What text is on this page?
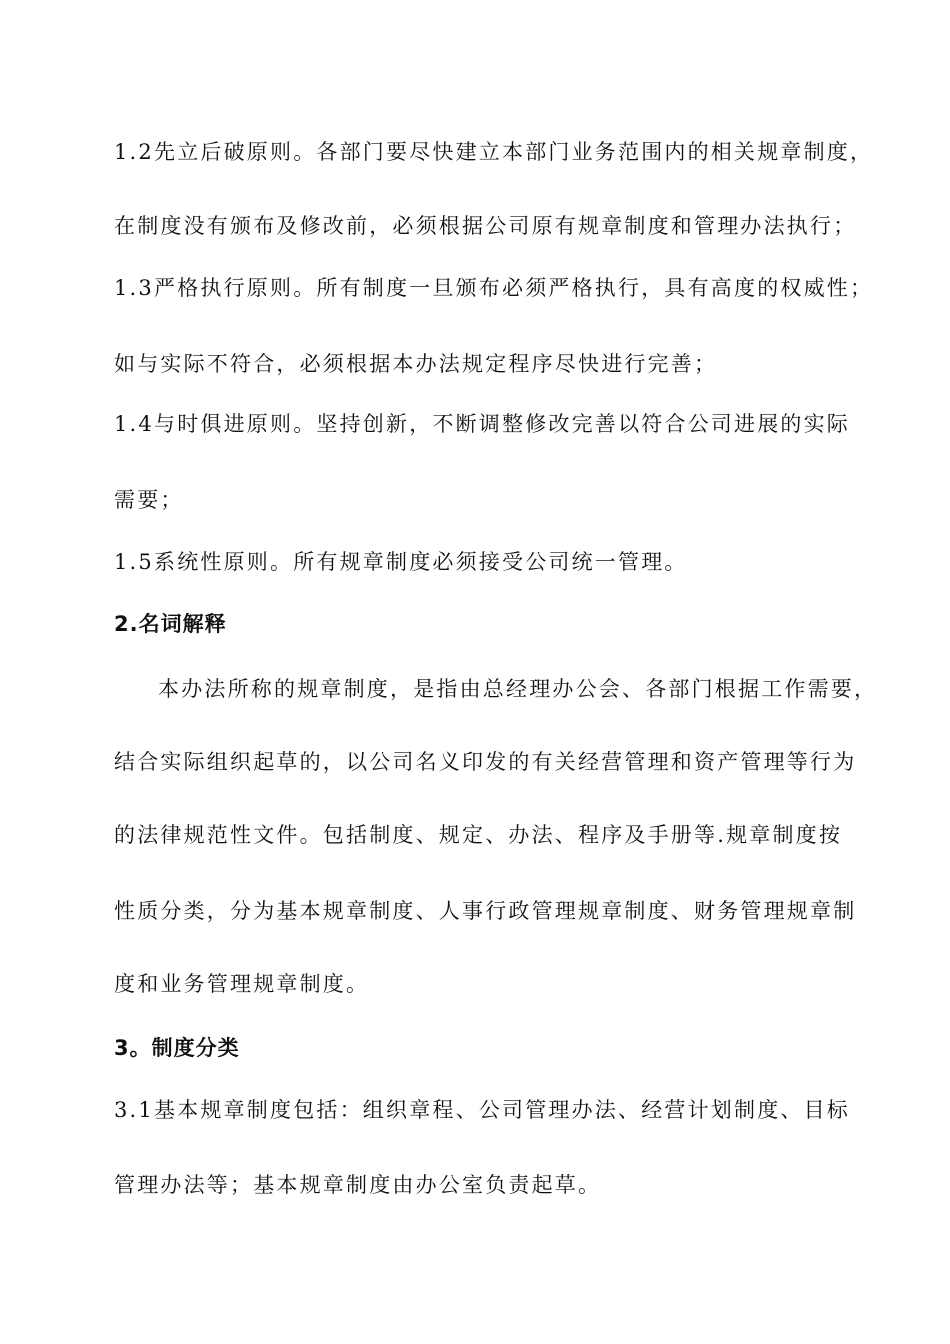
1.2先立后破原则。各部门要尽快建立本部门业务范围内的相关规章制度，
在制度没有颁布及修改前，必须根据公司原有规章制度和管理办法执行；
1.3严格执行原则。所有制度一旦颁布必须严格执行，具有高度的权威性；
如与实际不符合，必须根据本办法规定程序尽快进行完善；
1.4与时俱进原则。坚持创新，不断调整修改完善以符合公司进展的实际
需要；
1.5系统性原则。所有规章制度必须接受公司统一管理。
2.名词解释
本办法所称的规章制度，是指由总经理办公会、各部门根据工作需要，
结合实际组织起草的，以公司名义印发的有关经营管理和资产管理等行为
的法律规范性文件。包括制度、规定、办法、程序及手册等.规章制度按
性质分类，分为基本规章制度、人事行政管理规章制度、财务管理规章制
度和业务管理规章制度。
3。制度分类
3.1基本规章制度包括：组织章程、公司管理办法、经营计划制度、目标
管理办法等；基本规章制度由办公室负责起草。
